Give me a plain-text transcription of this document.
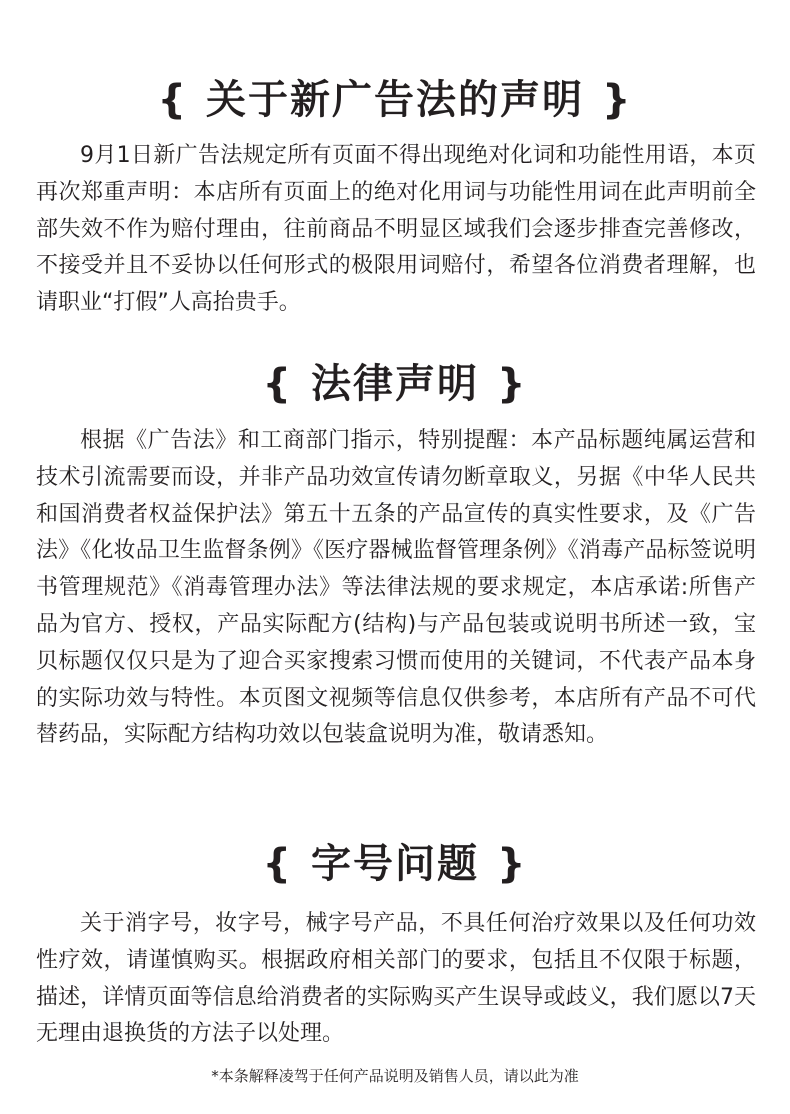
{ 关于新广告法的声明 }

9月1日新广告法规定所有页面不得出现绝对化词和功能性用语，本页再次郑重声明：本店所有页面上的绝对化用词与功能性用词在此声明前全部失效不作为赔付理由，往前商品不明显区域我们会逐步排查完善修改，不接受并且不妥协以任何形式的极限用词赔付，希望各位消费者理解，也请职业“打假”人高抬贵手。

{ 法律声明 }

根据《广告法》和工商部门指示，特别提醒：本产品标题纯属运营和技术引流需要而设，并非产品功效宣传请勿断章取义，另据《中华人民共和国消费者权益保护法》第五十五条的产品宣传的真实性要求，及《广告法》《化妆品卫生监督条例》《医疗器械监督管理条例》《消毒产品标签说明书管理规范》《消毒管理办法》等法律法规的要求规定，本店承诺:所售产品为官方、授权，产品实际配方(结构)与产品包装或说明书所述一致，宝贝标题仅仅只是为了迎合买家搜索习惯而使用的关键词，不代表产品本身的实际功效与特性。本页图文视频等信息仅供参考，本店所有产品不可代替药品，实际配方结构功效以包装盒说明为准，敬请悉知。

{ 字号问题 }

关于消字号，妆字号，械字号产品，不具任何治疗效果以及任何功效性疗效，请谨慎购买。根据政府相关部门的要求，包括且不仅限于标题，描述，详情页面等信息给消费者的实际购买产生误导或歧义，我们愿以7天无理由退换货的方法子以处理。

*本条解释凌驾于任何产品说明及销售人员，请以此为准
